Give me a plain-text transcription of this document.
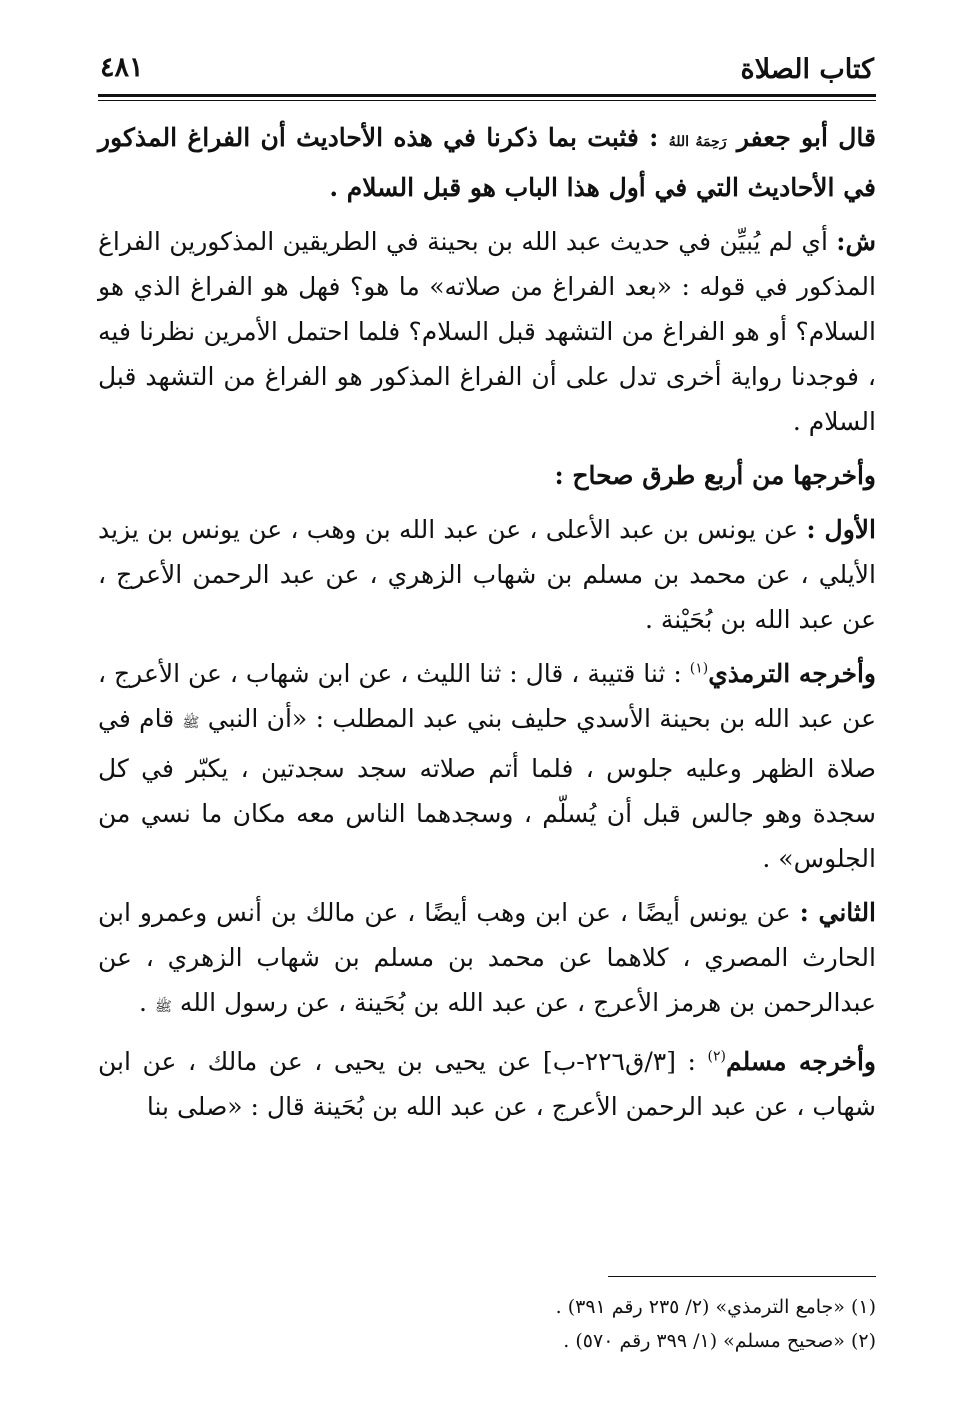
كتاب الصلاة
٤٨١

قال أبو جعفر رَحِمَهُ اللهُ : فثبت بما ذكرنا في هذه الأحاديث أن الفراغ المذكور في الأحاديث التي في أول هذا الباب هو قبل السلام .

ش: أي لم يُبيِّن في حديث عبد الله بن بحينة في الطريقين المذكورين الفراغ المذكور في قوله : «بعد الفراغ من صلاته» ما هو؟ فهل هو الفراغ الذي هو السلام؟ أو هو الفراغ من التشهد قبل السلام؟ فلما احتمل الأمرين نظرنا فيه ، فوجدنا رواية أخرى تدل على أن الفراغ المذكور هو الفراغ من التشهد قبل السلام .

وأخرجها من أربع طرق صحاح :

الأول : عن يونس بن عبد الأعلى ، عن عبد الله بن وهب ، عن يونس بن يزيد الأيلي ، عن محمد بن مسلم بن شهاب الزهري ، عن عبد الرحمن الأعرج ، عن عبد الله بن بُحَيْنة .

وأخرجه الترمذي$^{(١)}$ : ثنا قتيبة ، قال : ثنا الليث ، عن ابن شهاب ، عن الأعرج ، عن عبد الله بن بحينة الأسدي حليف بني عبد المطلب : «أن النبي ﷺ قام في صلاة الظهر وعليه جلوس ، فلما أتم صلاته سجد سجدتين ، يكبّر في كل سجدة وهو جالس قبل أن يُسلّم ، وسجدهما الناس معه مكان ما نسي من الجلوس» .

الثاني : عن يونس أيضًا ، عن ابن وهب أيضًا ، عن مالك بن أنس وعمرو ابن الحارث المصري ، كلاهما عن محمد بن مسلم بن شهاب الزهري ، عن عبدالرحمن بن هرمز الأعرج ، عن عبد الله بن بُحَينة ، عن رسول الله ﷺ .

وأخرجه مسلم$^{(٢)}$ : [٣/ق٢٢٦-ب] عن يحيى بن يحيى ، عن مالك ، عن ابن شهاب ، عن عبد الرحمن الأعرج ، عن عبد الله بن بُحَينة قال : «صلى بنا

(١) «جامع الترمذي» (٢/ ٢٣٥ رقم ٣٩١) .
(٢) «صحيح مسلم» (١/ ٣٩٩ رقم ٥٧٠) .
